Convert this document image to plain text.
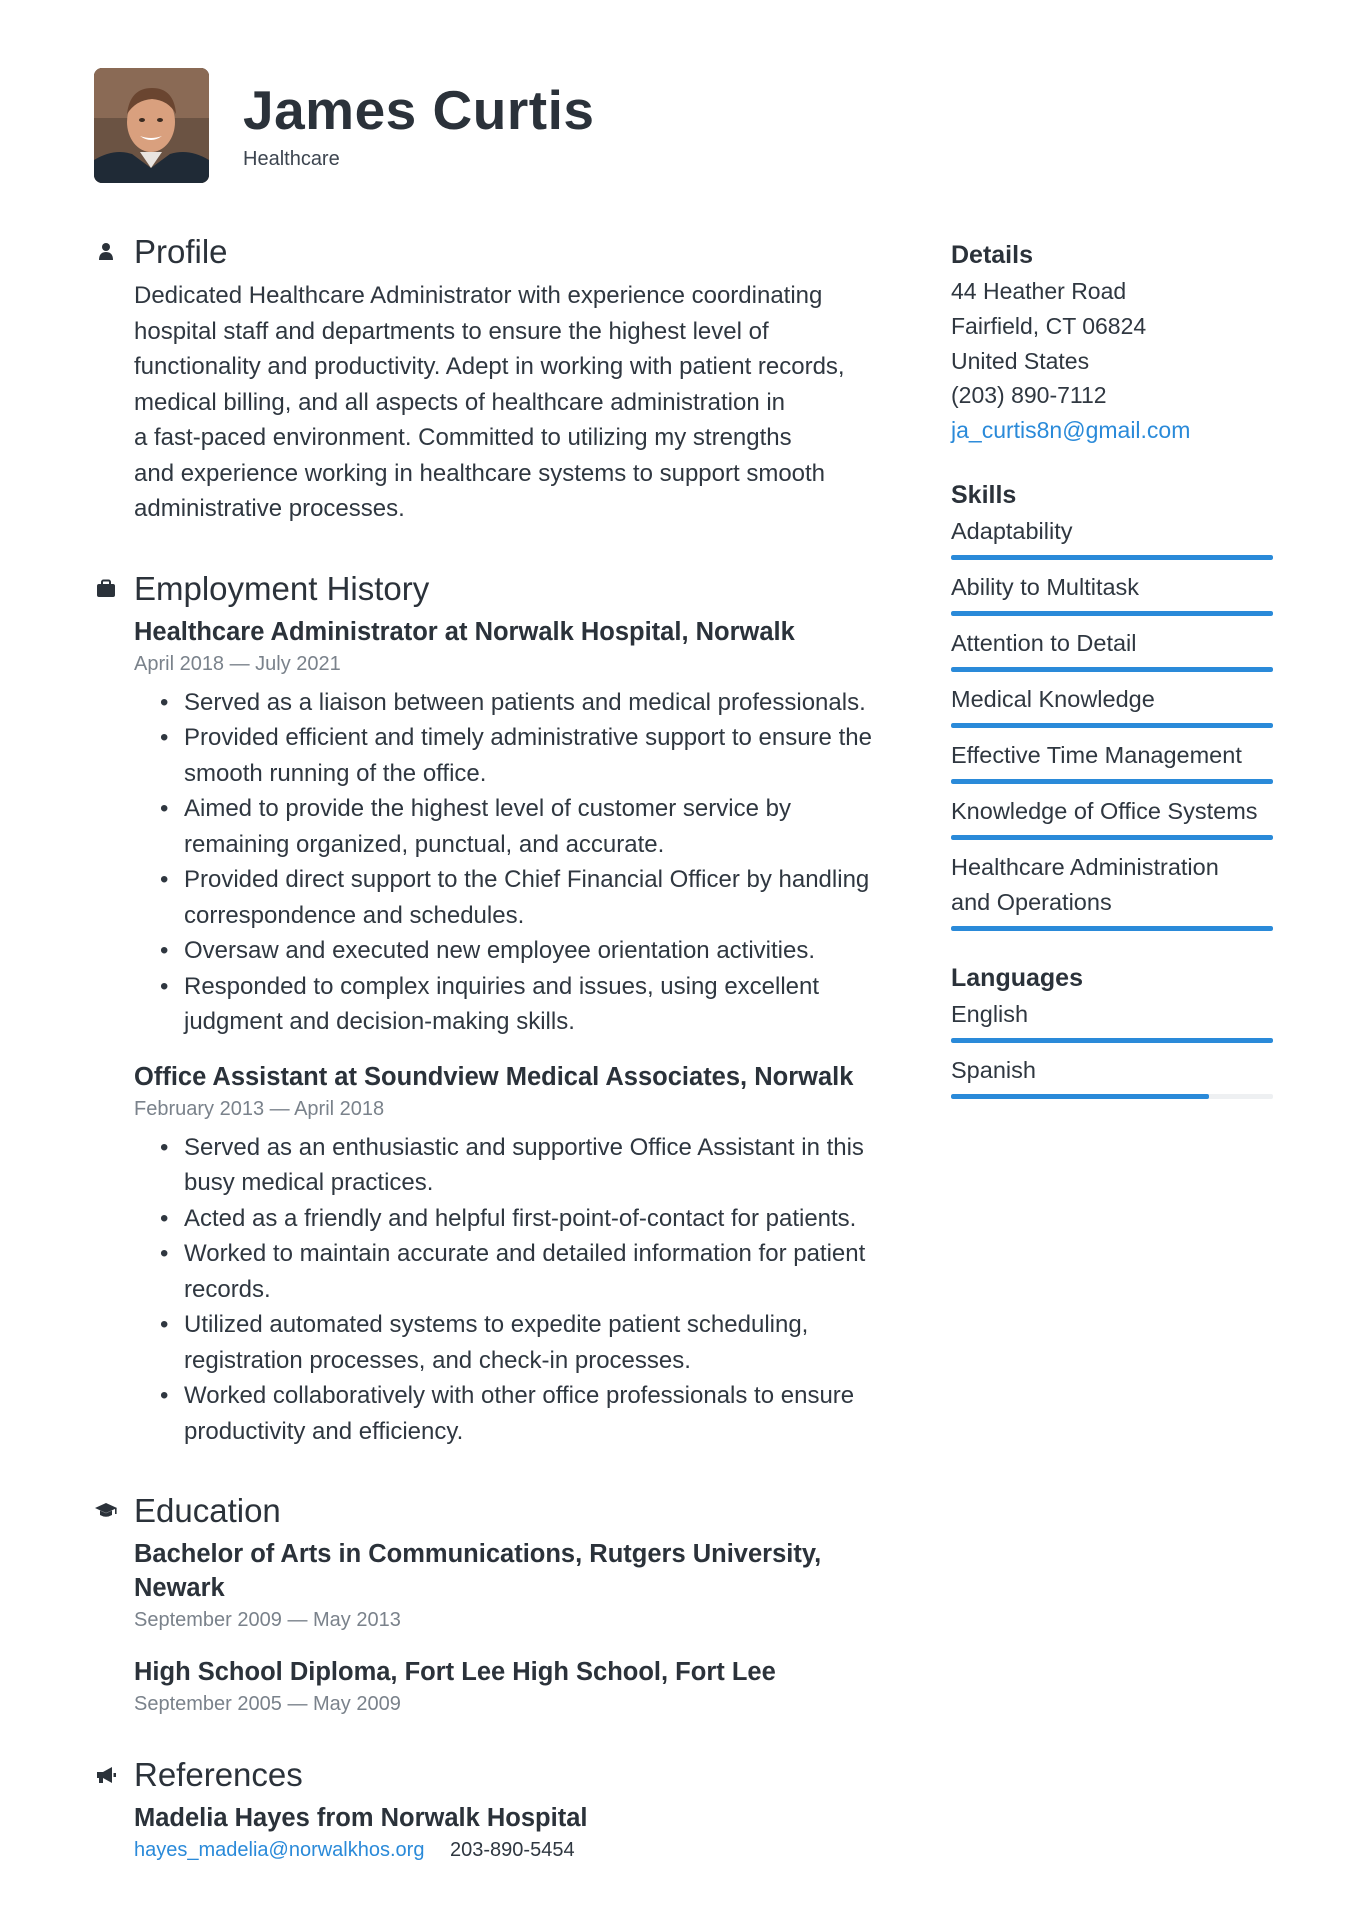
James Curtis
Healthcare
Profile
Dedicated Healthcare Administrator with experience coordinating
hospital staff and departments to ensure the highest level of
functionality and productivity. Adept in working with patient records,
medical billing, and all aspects of healthcare administration in
a fast-paced environment. Committed to utilizing my strengths
and experience working in healthcare systems to support smooth
administrative processes.
Employment History
Healthcare Administrator at Norwalk Hospital, Norwalk
April 2018 — July 2021
• Served as a liaison between patients and medical professionals.
• Provided efficient and timely administrative support to ensure the
smooth running of the office.
• Aimed to provide the highest level of customer service by
remaining organized, punctual, and accurate.
• Provided direct support to the Chief Financial Officer by handling
correspondence and schedules.
• Oversaw and executed new employee orientation activities.
• Responded to complex inquiries and issues, using excellent
judgment and decision-making skills.
Office Assistant at Soundview Medical Associates, Norwalk
February 2013 — April 2018
• Served as an enthusiastic and supportive Office Assistant in this
busy medical practices.
• Acted as a friendly and helpful first-point-of-contact for patients.
• Worked to maintain accurate and detailed information for patient
records.
• Utilized automated systems to expedite patient scheduling,
registration processes, and check-in processes.
• Worked collaboratively with other office professionals to ensure
productivity and efficiency.
Education
Bachelor of Arts in Communications, Rutgers University, Newark
September 2009 — May 2013
High School Diploma, Fort Lee High School, Fort Lee
September 2005 — May 2009
References
Madelia Hayes from Norwalk Hospital
hayes_madelia@norwalkhos.org 203-890-5454
Details
44 Heather Road
Fairfield, CT 06824
United States
(203) 890-7112
ja_curtis8n@gmail.com
Skills
Adaptability
Ability to Multitask
Attention to Detail
Medical Knowledge
Effective Time Management
Knowledge of Office Systems
Healthcare Administration
and Operations
Languages
English
Spanish
